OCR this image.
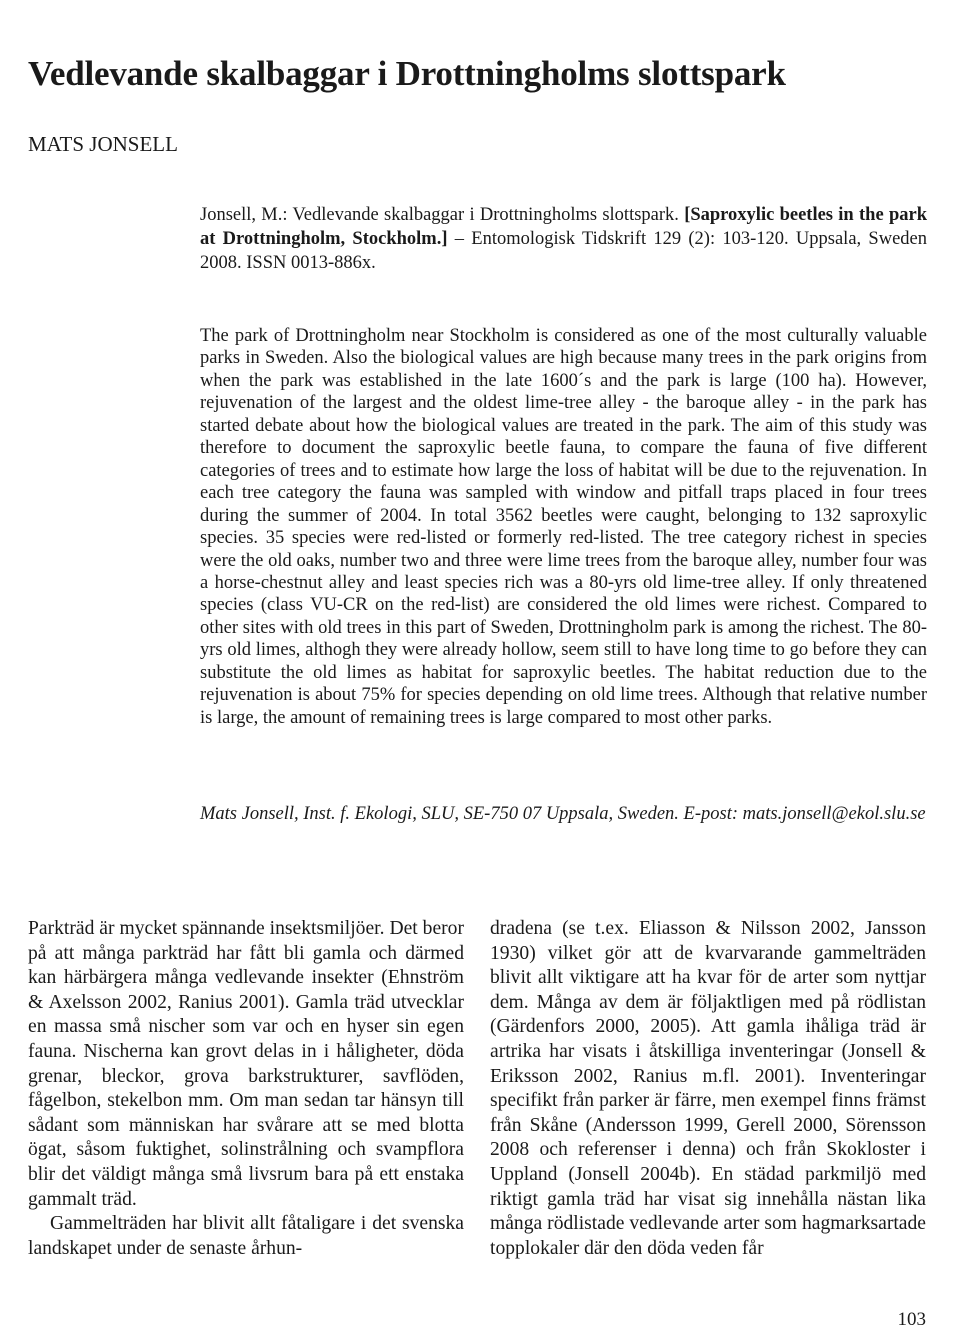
Vedlevande skalbaggar i Drottningholms slottspark
MATS JONSELL
Jonsell, M.: Vedlevande skalbaggar i Drottningholms slottspark. [Saproxylic beetles in the park at Drottningholm, Stockholm.] – Entomologisk Tidskrift 129 (2): 103-120. Uppsala, Sweden 2008. ISSN 0013-886x.
The park of Drottningholm near Stockholm is considered as one of the most culturally valuable parks in Sweden. Also the biological values are high because many trees in the park origins from when the park was established in the late 1600´s and the park is large (100 ha). However, rejuvenation of the largest and the oldest lime-tree alley - the baroque alley - in the park has started debate about how the biological values are treated in the park. The aim of this study was therefore to document the saproxylic beetle fauna, to compare the fauna of five different categories of trees and to estimate how large the loss of habitat will be due to the rejuvenation. In each tree category the fauna was sampled with window and pitfall traps placed in four trees during the summer of 2004. In total 3562 beetles were caught, belonging to 132 saproxylic species. 35 species were red-listed or formerly red-listed. The tree category richest in species were the old oaks, number two and three were lime trees from the baroque alley, number four was a horse-chestnut alley and least species rich was a 80-yrs old lime-tree alley. If only threatened species (class VU-CR on the red-list) are considered the old limes were richest. Compared to other sites with old trees in this part of Sweden, Drottningholm park is among the richest. The 80-yrs old limes, althogh they were already hollow, seem still to have long time to go before they can substitute the old limes as habitat for saproxylic beetles. The habitat reduction due to the rejuvenation is about 75% for species depending on old lime trees. Although that relative number is large, the amount of remaining trees is large compared to most other parks.
Mats Jonsell, Inst. f. Ekologi, SLU, SE-750 07 Uppsala, Sweden. E-post: mats.jonsell@ekol.slu.se

Parkträd är mycket spännande insektsmiljöer. Det beror på att många parkträd har fått bli gamla och därmed kan härbärgera många vedlevande insekter (Ehnström & Axelsson 2002, Ranius 2001). Gamla träd utvecklar en massa små nischer som var och en hyser sin egen fauna. Nischerna kan grovt delas in i håligheter, döda grenar, bleckor, grova barkstrukturer, savflöden, fågelbon, stekelbon mm. Om man sedan tar hänsyn till sådant som människan har svårare att se med blotta ögat, såsom fuktighet, solinstrålning och svampflora blir det väldigt många små livsrum bara på ett enstaka gammalt träd.

Gammelträden har blivit allt fåtaligare i det svenska landskapet under de senaste århun-

dradena (se t.ex. Eliasson & Nilsson 2002, Jansson 1930) vilket gör att de kvarvarande gammelträden blivit allt viktigare att ha kvar för de arter som nyttjar dem. Många av dem är följaktligen med på rödlistan (Gärdenfors 2000, 2005). Att gamla ihåliga träd är artrika har visats i åtskilliga inventeringar (Jonsell & Eriksson 2002, Ranius m.fl. 2001). Inventeringar specifikt från parker är färre, men exempel finns främst från Skåne (Andersson 1999, Gerell 2000, Sörensson 2008 och referenser i denna) och från Skokloster i Uppland (Jonsell 2004b). En städad parkmiljö med riktigt gamla träd har visat sig innehålla nästan lika många rödlistade vedlevande arter som hagmarksartade topplokaler där den döda veden får

103
